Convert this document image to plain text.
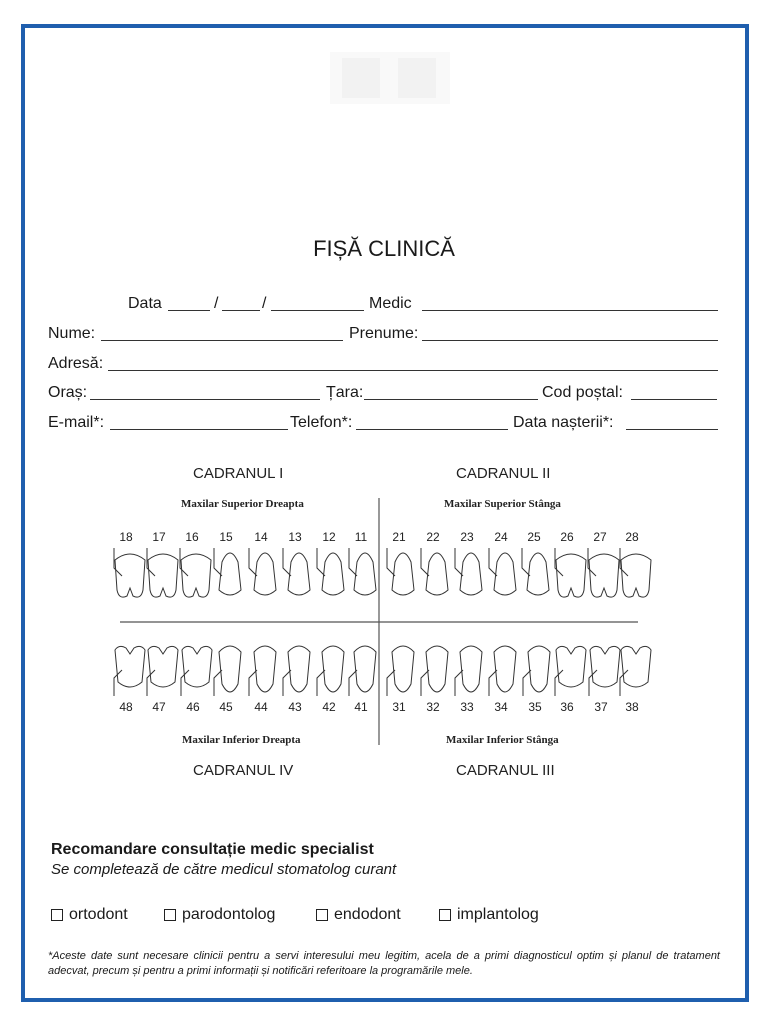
FIȘĂ CLINICĂ
Data	/	/	Medic
Nume:	Prenume:
Adresă:
Oraș:	Țara:	Cod poștal:
E-mail*:	Telefon*:	Data nașterii*:
CADRANUL I	CADRANUL II
CADRANUL IV	CADRANUL III
Maxilar Superior Dreapta	Maxilar Superior Stânga
Maxilar Inferior Dreapta	Maxilar Inferior Stânga
18	17	16	15	14	13	12	11	21	22	23	24	25	26	27	28
48	47	46	45	44	43	42	41	31	32	33	34	35	36	37	38
Recomandare consultație medic specialist
Se completează de către medicul stomatolog curant
ortodont	parodontolog	endodont	implantolog
*Aceste date sunt necesare clinicii pentru a servi interesului meu legitim, acela de a primi diagnosticul optim și planul de tratament adecvat, precum și pentru a primi informații și notificări referitoare la programările mele.
